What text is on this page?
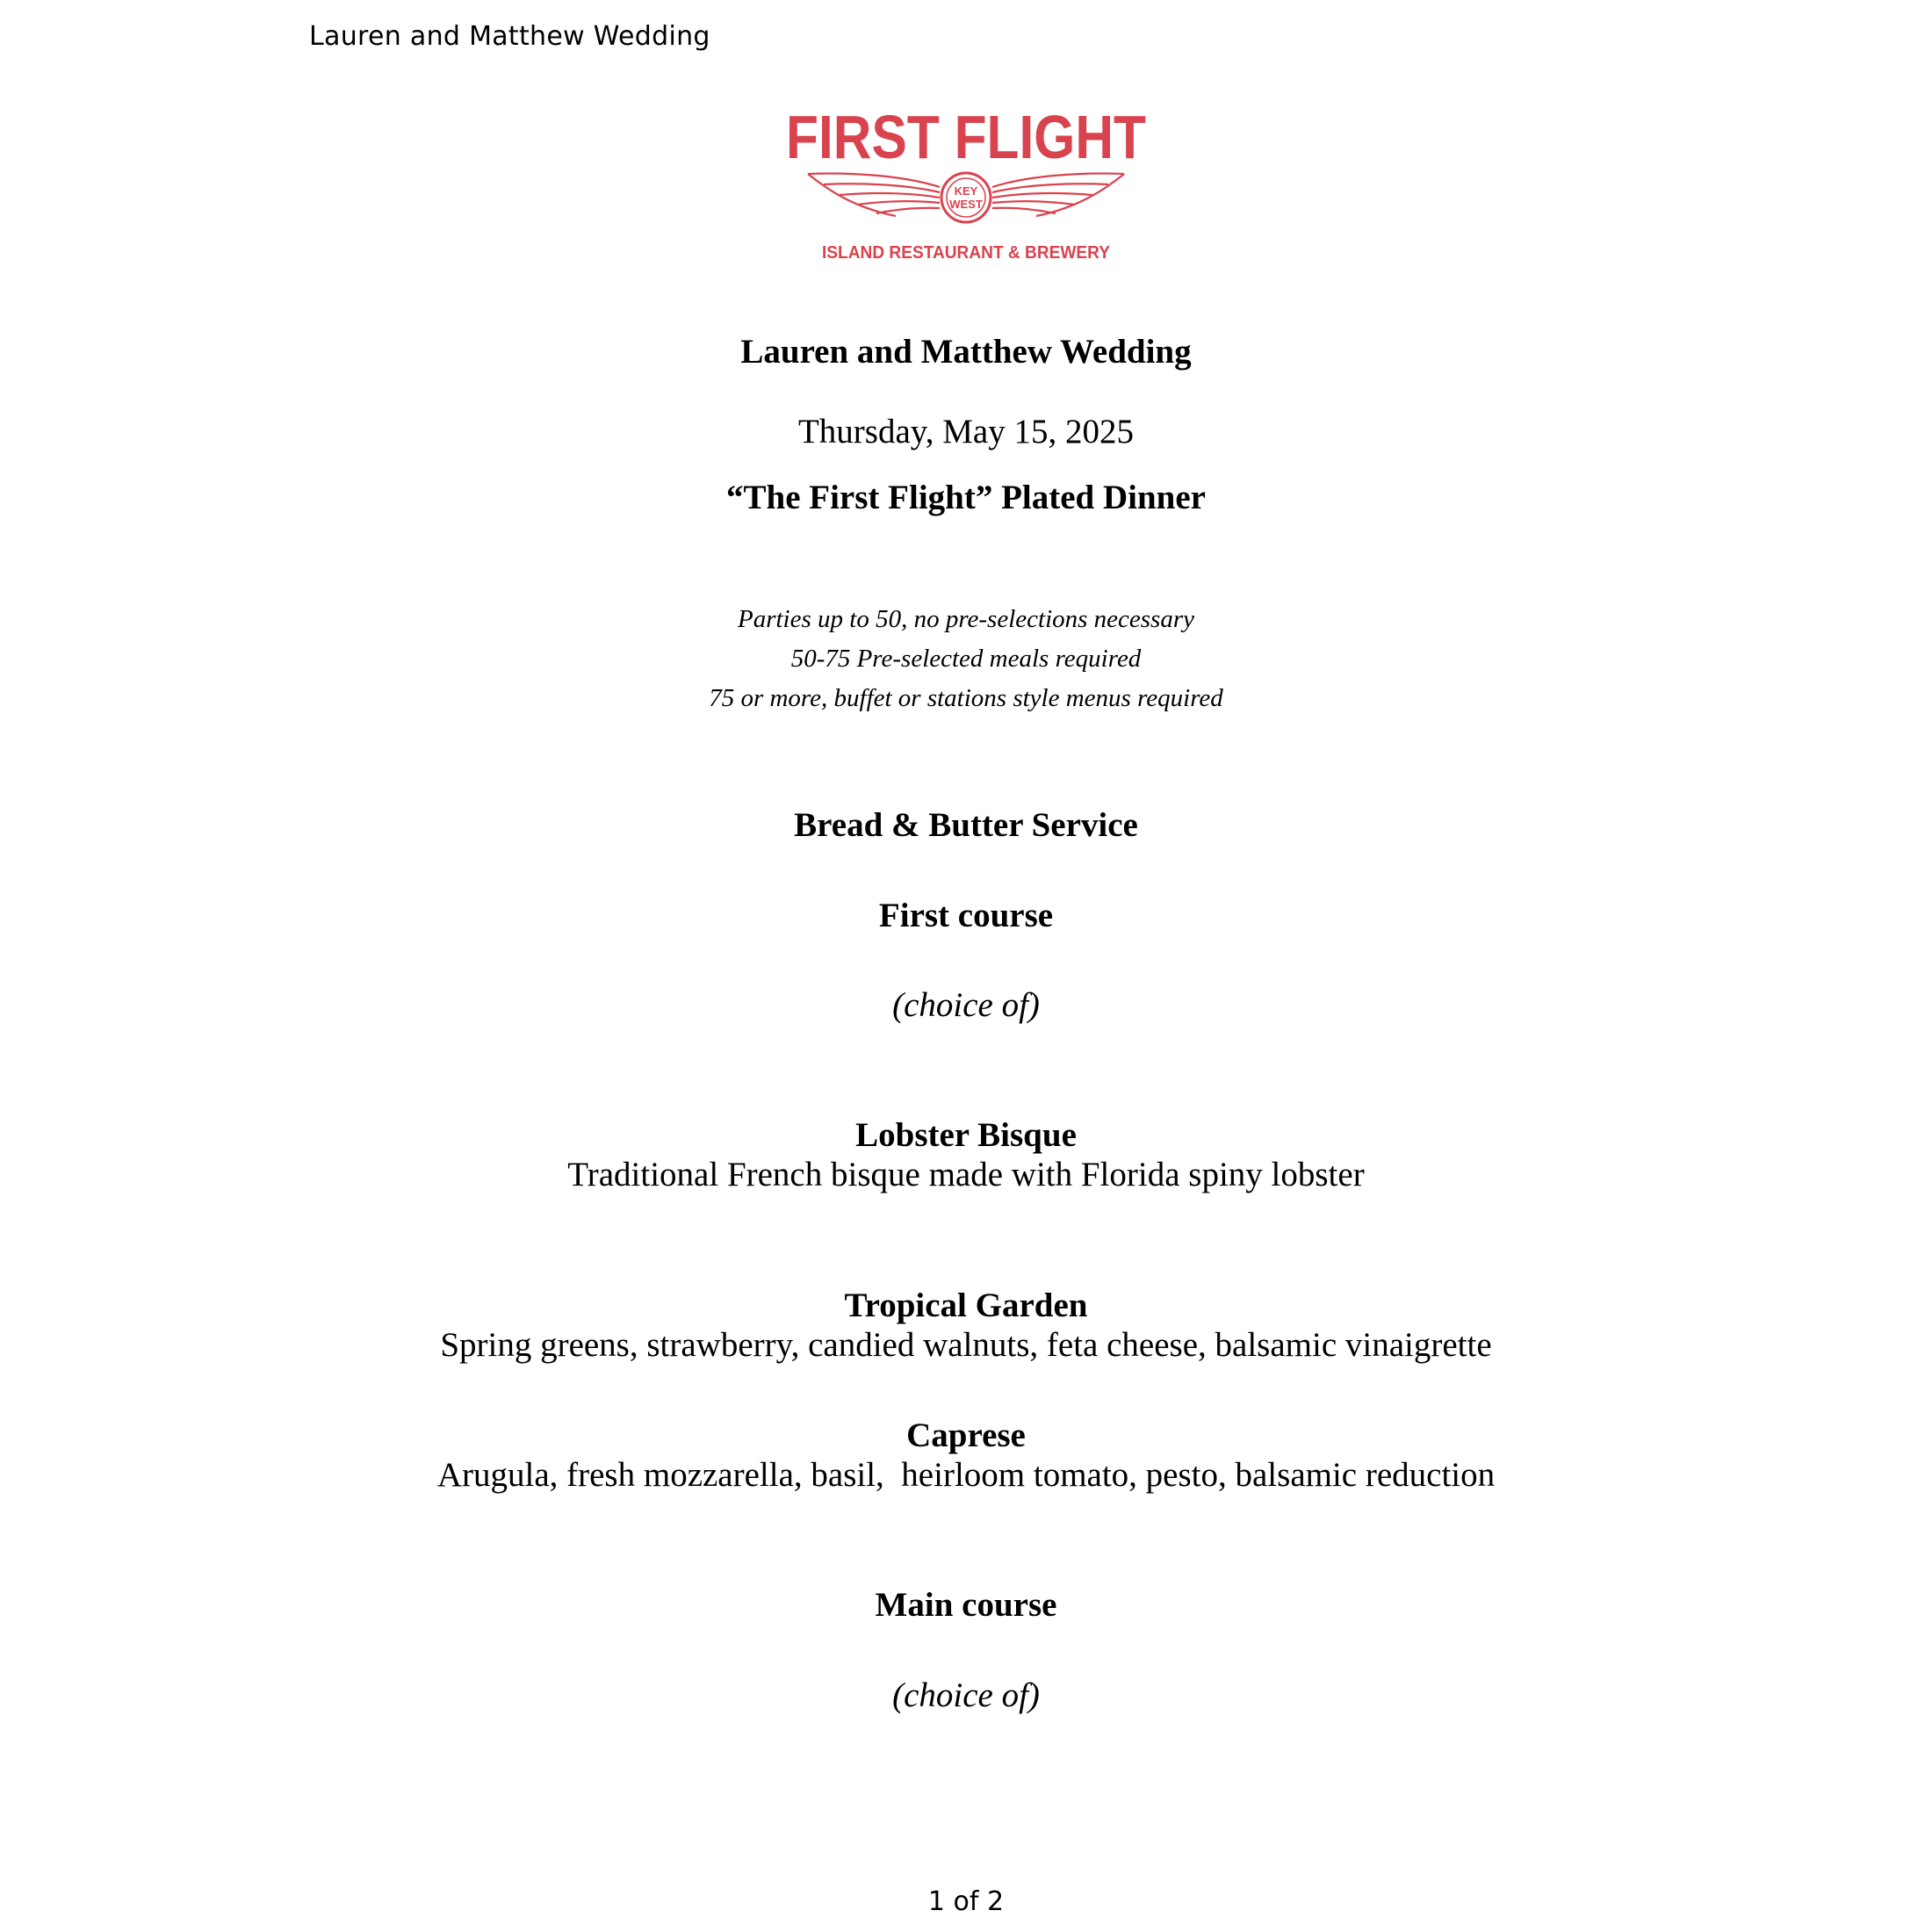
Lauren and Matthew Wedding
FIRST FLIGHT
KEY
WEST
ISLAND RESTAURANT & BREWERY
Lauren and Matthew Wedding
Thursday, May 15, 2025
“The First Flight” Plated Dinner
Parties up to 50, no pre-selections necessary
50-75 Pre-selected meals required
75 or more, buffet or stations style menus required
Bread & Butter Service
First course
(choice of)
Lobster Bisque
Traditional French bisque made with Florida spiny lobster
Tropical Garden
Spring greens, strawberry, candied walnuts, feta cheese, balsamic vinaigrette
Caprese
Arugula, fresh mozzarella, basil,  heirloom tomato, pesto, balsamic reduction
Main course
(choice of)
1 of 2
